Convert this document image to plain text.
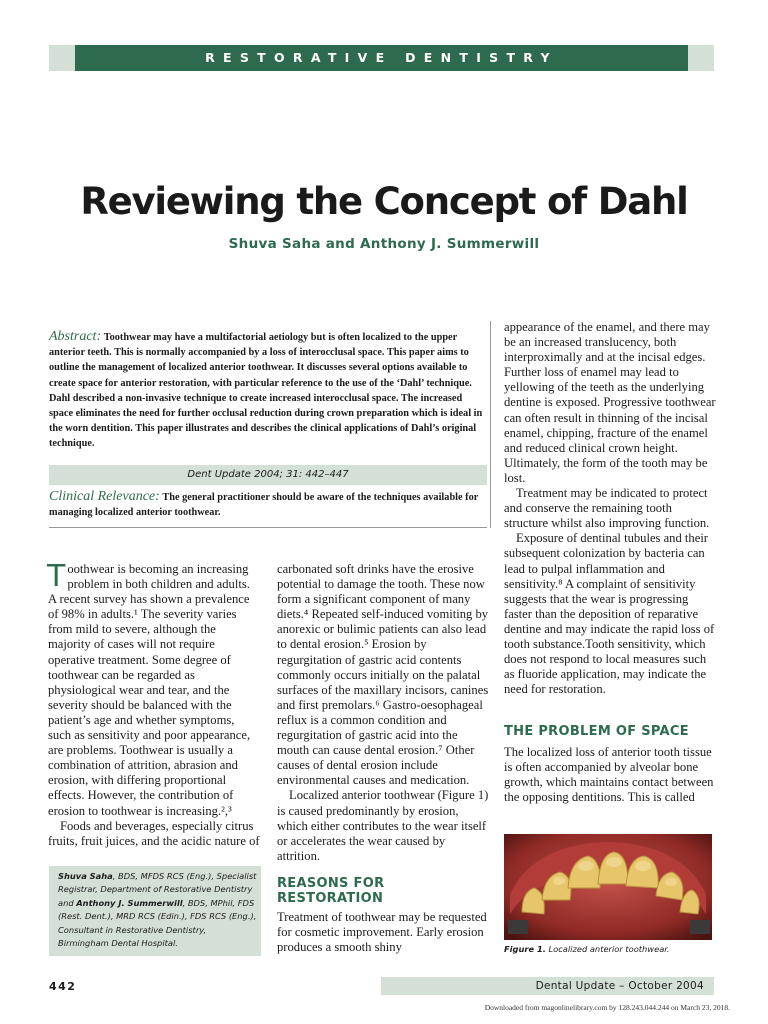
RESTORATIVE DENTISTRY
Reviewing the Concept of Dahl
Shuva Saha and Anthony J. Summerwill
Abstract: Toothwear may have a multifactorial aetiology but is often localized to the upper anterior teeth. This is normally accompanied by a loss of interocclusal space. This paper aims to outline the management of localized anterior toothwear. It discusses several options available to create space for anterior restoration, with particular reference to the use of the ‘Dahl’ technique. Dahl described a non-invasive technique to create increased interocclusal space. The increased space eliminates the need for further occlusal reduction during crown preparation which is ideal in the worn dentition. This paper illustrates and describes the clinical applications of Dahl’s original technique.
Dent Update 2004; 31: 442–447
Clinical Relevance: The general practitioner should be aware of the techniques available for managing localized anterior toothwear.

Toothwear is becoming an increasing problem in both children and adults. A recent survey has shown a prevalence of 98% in adults.¹ The severity varies from mild to severe, although the majority of cases will not require operative treatment. Some degree of toothwear can be regarded as physiological wear and tear, and the severity should be balanced with the patient’s age and whether symptoms, such as sensitivity and poor appearance, are problems. Toothwear is usually a combination of attrition, abrasion and erosion, with differing proportional effects. However, the contribution of erosion to toothwear is increasing.²,³

Foods and beverages, especially citrus fruits, fruit juices, and the acidic nature of

Shuva Saha, BDS, MFDS RCS (Eng.), Specialist Registrar, Department of Restorative Dentistry and Anthony J. Summerwill, BDS, MPhil, FDS (Rest. Dent.), MRD RCS (Edin.), FDS RCS (Eng.), Consultant in Restorative Dentistry, Birmingham Dental Hospital.

carbonated soft drinks have the erosive potential to damage the tooth. These now form a significant component of many diets.⁴ Repeated self-induced vomiting by anorexic or bulimic patients can also lead to dental erosion.⁵ Erosion by regurgitation of gastric acid contents commonly occurs initially on the palatal surfaces of the maxillary incisors, canines and first premolars.⁶ Gastro-oesophageal reflux is a common condition and regurgitation of gastric acid into the mouth can cause dental erosion.⁷ Other causes of dental erosion include environmental causes and medication.

Localized anterior toothwear (Figure 1) is caused predominantly by erosion, which either contributes to the wear itself or accelerates the wear caused by attrition.

REASONS FOR RESTORATION

Treatment of toothwear may be requested for cosmetic improvement. Early erosion produces a smooth shiny

appearance of the enamel, and there may be an increased translucency, both interproximally and at the incisal edges. Further loss of enamel may lead to yellowing of the teeth as the underlying dentine is exposed. Progressive toothwear can often result in thinning of the incisal enamel, chipping, fracture of the enamel and reduced clinical crown height. Ultimately, the form of the tooth may be lost.

Treatment may be indicated to protect and conserve the remaining tooth structure whilst also improving function.

Exposure of dentinal tubules and their subsequent colonization by bacteria can lead to pulpal inflammation and sensitivity.⁸ A complaint of sensitivity suggests that the wear is progressing faster than the deposition of reparative dentine and may indicate the rapid loss of tooth substance.Tooth sensitivity, which does not respond to local measures such as fluoride application, may indicate the need for restoration.

THE PROBLEM OF SPACE

The localized loss of anterior tooth tissue is often accompanied by alveolar bone growth, which maintains contact between the opposing dentitions. This is called

Figure 1. Localized anterior toothwear.
442	Dental Update – October 2004
Downloaded from magonlinelibrary.com by 128.243.044.244 on March 23, 2018.
